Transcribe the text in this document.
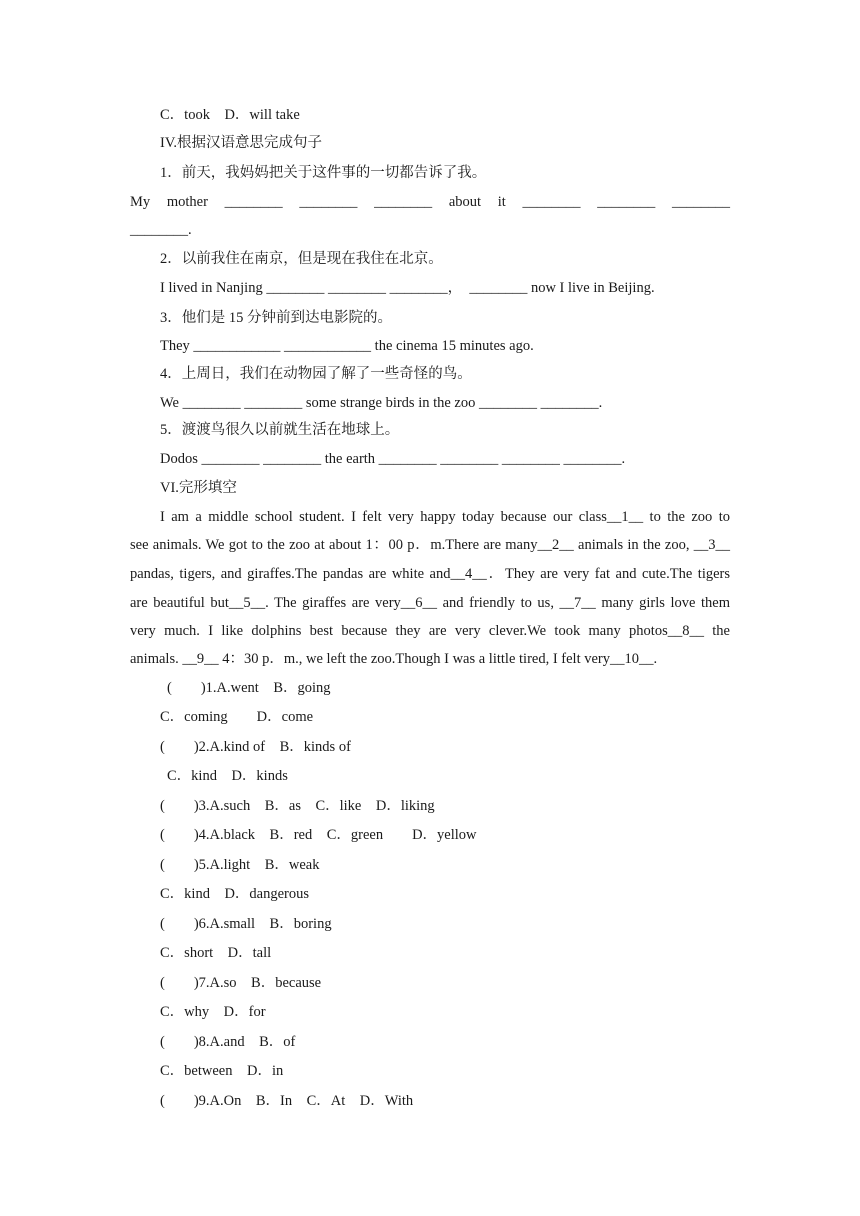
C．took　D．will take
IV.根据汉语意思完成句子
1．前天，我妈妈把关于这件事的一切都告诉了我。
My　mother　________　________　________　about　it　________　________　________
________.
2．以前我住在南京，但是现在我住在北京。
I lived in Nanjing ________ ________ ________，　________ now I live in Beijing.
3．他们是 15 分钟前到达电影院的。
They ____________ ____________ the cinema 15 minutes ago.
4．上周日，我们在动物园了解了一些奇怪的鸟。
We ________ ________ some strange birds in the zoo ________ ________.
5．渡渡鸟很久以前就生活在地球上。
Dodos ________ ________ the earth ________ ________ ________ ________.
VI.完形填空
I am a middle school student. I felt very happy today because our class__1__ to the zoo to
see animals. We got to the zoo at about 1：00 p．m.There are many__2__ animals in the zoo, __3__
pandas, tigers, and giraffes.The pandas are white and__4__．They are very fat and cute.The tigers
are beautiful but__5__. The giraffes are very__6__ and friendly to us, __7__ many girls love them
very much. I like dolphins best because they are very clever.We took many photos__8__ the
animals. __9__ 4：30 p．m., we left the zoo.Though I was a little tired, I felt very__10__.
(　　)1.A.went　B．going
C．coming　　D．come
(　　)2.A.kind of　B．kinds of
C．kind　D．kinds
(　　)3.A.such　B．as　C．like　D．liking
(　　)4.A.black　B．red　C．green　　D．yellow
(　　)5.A.light　B．weak
C．kind　D．dangerous
(　　)6.A.small　B．boring
C．short　D．tall
(　　)7.A.so　B．because
C．why　D．for
(　　)8.A.and　B．of
C．between　D．in
(　　)9.A.On　B．In　C．At　D．With
